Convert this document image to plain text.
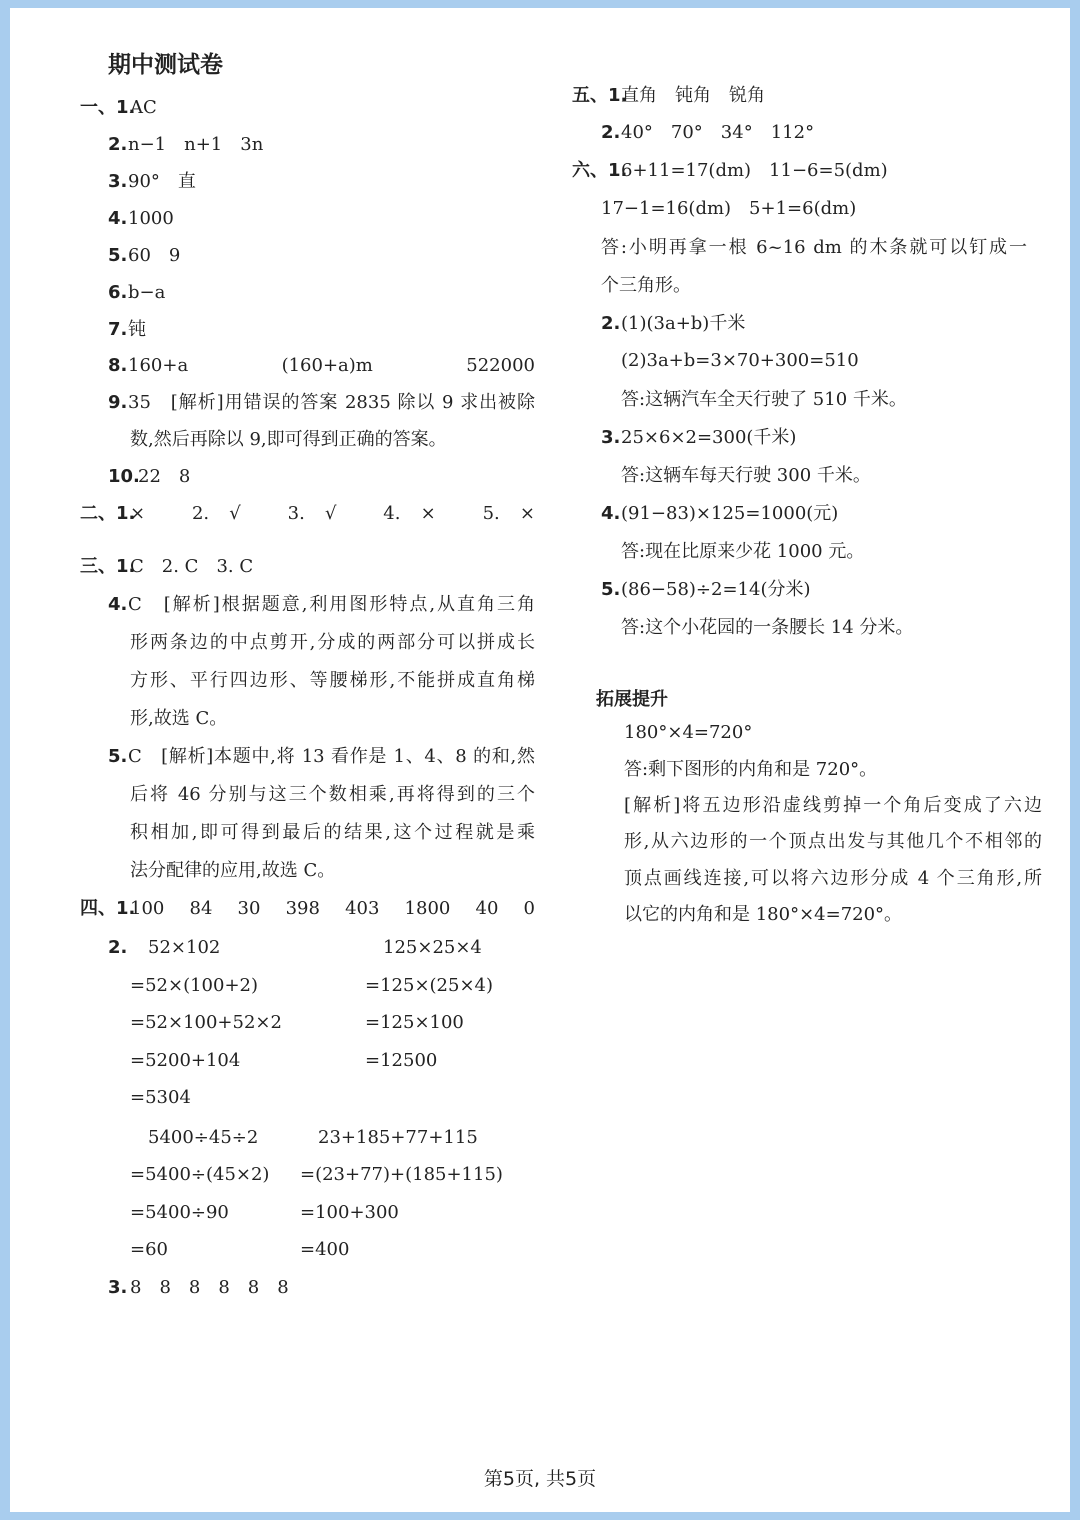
期中测试卷
一、1.
AC
2. n−1　n+1　3n
3. 90°　直
4. 1000
5. 60　9
6. b−a
7. 钝
8. 160+a　(160+a)m　522000
9. 35　[解析]用错误的答案 2835 除以 9 求出被除
数,然后再除以 9,即可得到正确的答案。
10.
22　8
二、1.
×　2. √　3. √　4. ×　5. ×
三、1.
C　2. C　3. C
4. C　[解析]根据题意,利用图形特点,从直角三角
形两条边的中点剪开,分成的两部分可以拼成长
方形、平行四边形、等腰梯形,不能拼成直角梯
形,故选 C。
5. C　[解析]本题中,将 13 看作是 1、4、8 的和,然
后将 46 分别与这三个数相乘,再将得到的三个
积相加,即可得到最后的结果,这个过程就是乘
法分配律的应用,故选 C。
四、1.
100　84　30　398　403　1800　40　0
2. 52×102
=52×(100+2)
=52×100+52×2
=5200+104
=5304
125×25×4
=125×(25×4)
=125×100
=12500
5400÷45÷2
=5400÷(45×2)
=5400÷90
=60
23+185+77+115
=(23+77)+(185+115)
=100+300
=400
3. 8　8　8　8　8　8
五、1.
直角　钝角　锐角
2. 40°　70°　34°　112°
六、1.
6+11=17(dm)　11−6=5(dm)
17−1=16(dm)　5+1=6(dm)
答:小明再拿一根 6~16 dm 的木条就可以钉成一
个三角形。
2. (1)(3a+b)千米
(2)3a+b=3×70+300=510
答:这辆汽车全天行驶了 510 千米。
3. 25×6×2=300(千米)
答:这辆车每天行驶 300 千米。
4. (91−83)×125=1000(元)
答:现在比原来少花 1000 元。
5. (86−58)÷2=14(分米)
答:这个小花园的一条腰长 14 分米。
拓展提升
180°×4=720°
答:剩下图形的内角和是 720°。
[解析]将五边形沿虚线剪掉一个角后变成了六边
形,从六边形的一个顶点出发与其他几个不相邻的
顶点画线连接,可以将六边形分成 4 个三角形,所
以它的内角和是 180°×4=720°。
第5页, 共5页
